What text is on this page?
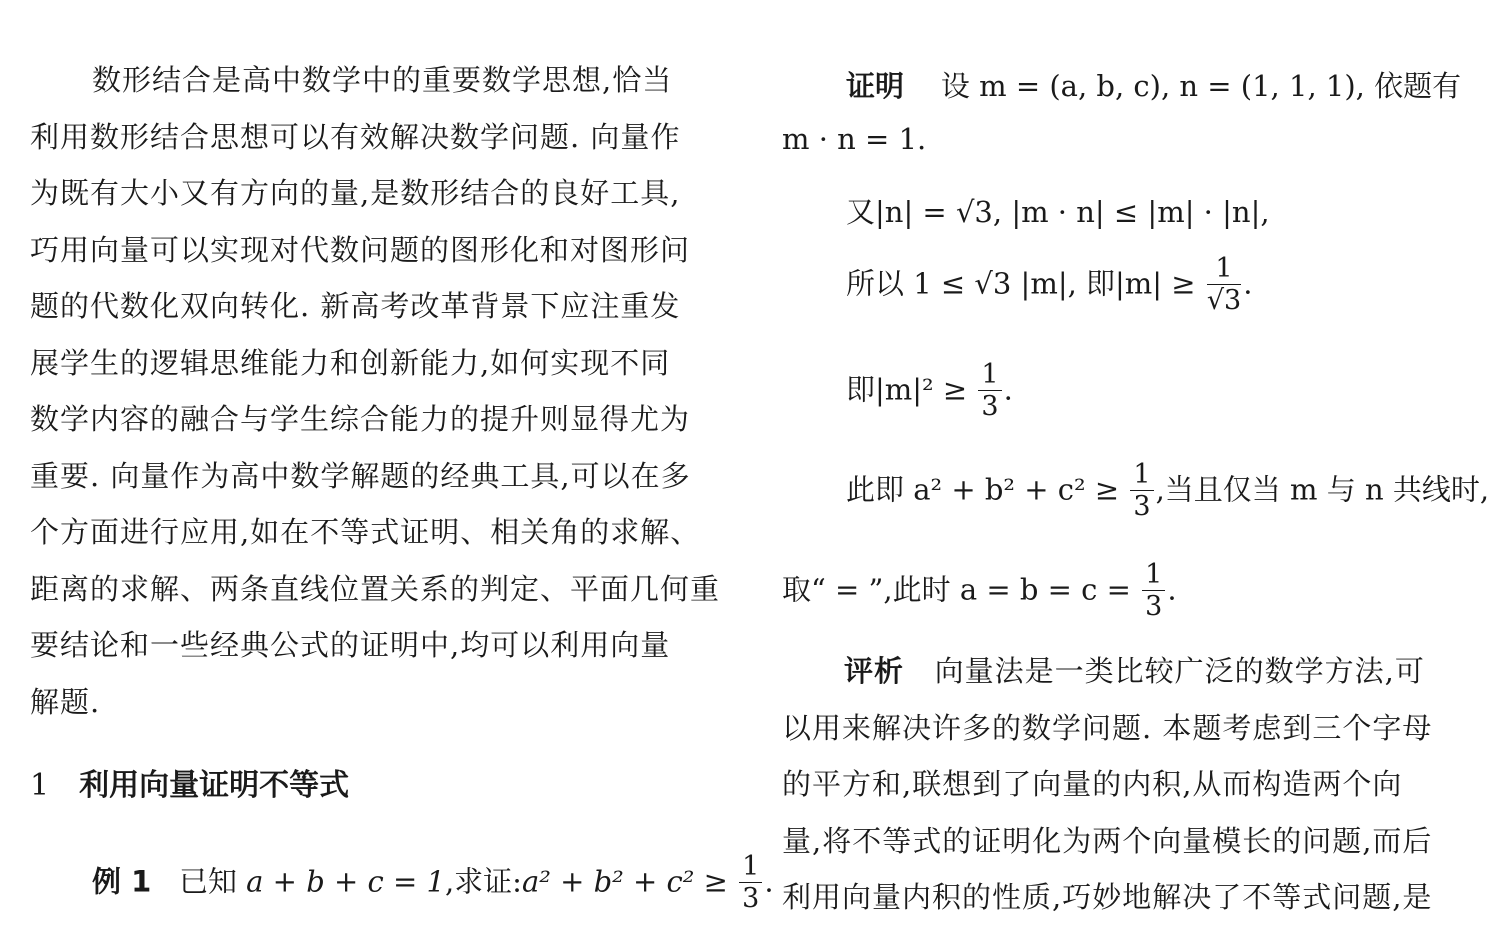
数形结合是高中数学中的重要数学思想,恰当
利用数形结合思想可以有效解决数学问题. 向量作
为既有大小又有方向的量,是数形结合的良好工具,
巧用向量可以实现对代数问题的图形化和对图形问
题的代数化双向转化. 新高考改革背景下应注重发
展学生的逻辑思维能力和创新能力,如何实现不同
数学内容的融合与学生综合能力的提升则显得尤为
重要. 向量作为高中数学解题的经典工具,可以在多
个方面进行应用,如在不等式证明、相关角的求解、
距离的求解、两条直线位置关系的判定、平面几何重
要结论和一些经典公式的证明中,均可以利用向量
解题.

1 利用向量证明不等式
例 1 已知 a + b + c = 1,求证:a² + $b^2 + c^2 \ge \frac{1}{3}$ .
证明 设 m = (a, b, c), n = (1, 1, 1), 依题有
m · n = 1.
又|n| = √3, |m · n| ≤ |m| · |n|,
所以 1 ≤ √3 |m|, 即$|m| \ge \frac{1}{√3}$ .
即$|m|^2 \ge \frac{1}{3}$ .
此即 $a^2 + b^2 + c^2 \ge \frac{1}{3}$ ,当且仅当 m 与 n 共线时,
取“ = ”,此时 $a = b = c = \frac{1}{3}$ .

评析 向量法是一类比较广泛的数学方法,可
以用来解决许多的数学问题. 本题考虑到三个字母
的平方和,联想到了向量的内积,从而构造两个向
量,将不等式的证明化为两个向量模长的问题,而后
利用向量内积的性质,巧妙地解决了不等式问题,是
